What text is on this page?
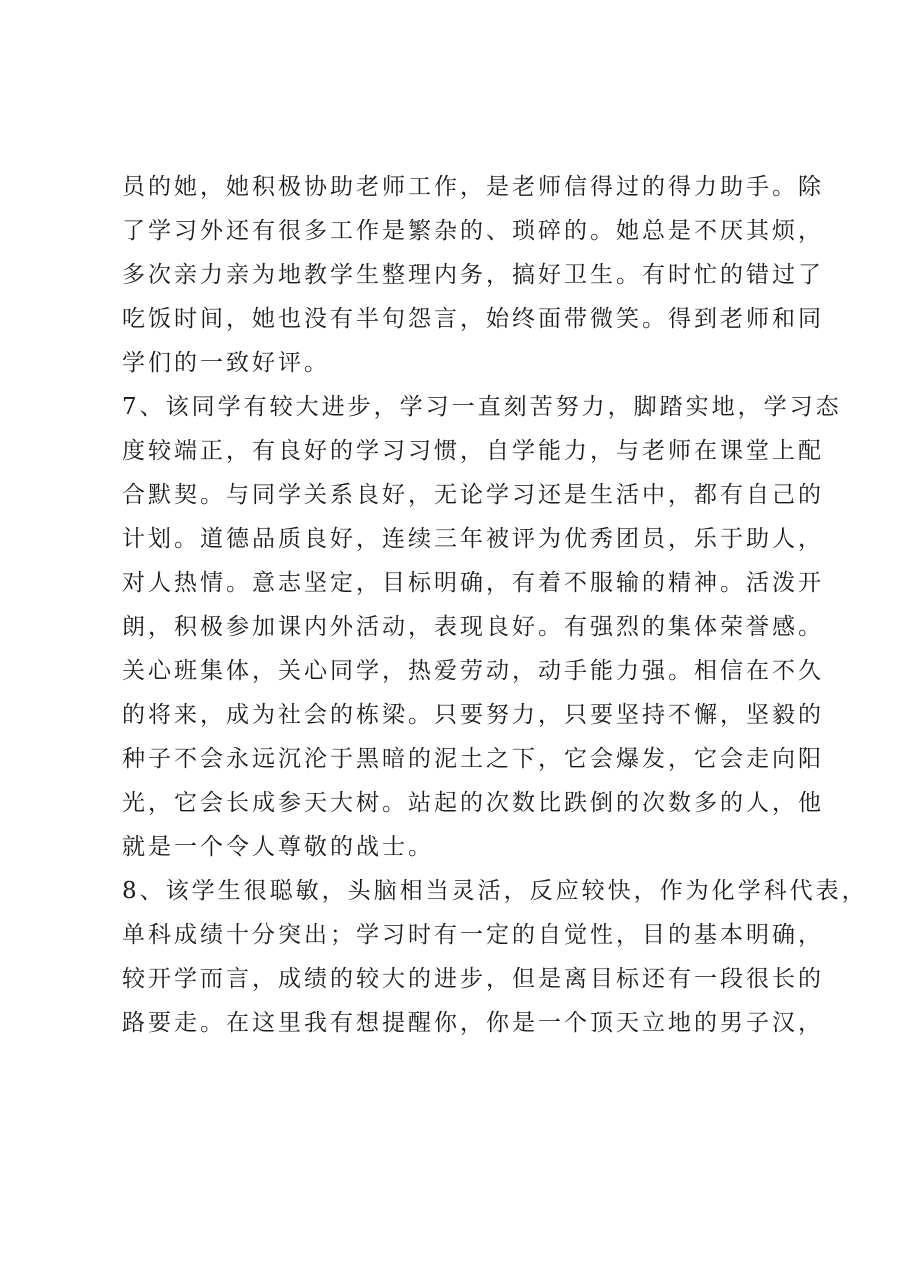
员的她，她积极协助老师工作，是老师信得过的得力助手。除
了学习外还有很多工作是繁杂的、琐碎的。她总是不厌其烦，
多次亲力亲为地教学生整理内务，搞好卫生。有时忙的错过了
吃饭时间，她也没有半句怨言，始终面带微笑。得到老师和同
学们的一致好评。
7、该同学有较大进步，学习一直刻苦努力，脚踏实地，学习态
度较端正，有良好的学习习惯，自学能力，与老师在课堂上配
合默契。与同学关系良好，无论学习还是生活中，都有自己的
计划。道德品质良好，连续三年被评为优秀团员，乐于助人，
对人热情。意志坚定，目标明确，有着不服输的精神。活泼开
朗，积极参加课内外活动，表现良好。有强烈的集体荣誉感。
关心班集体，关心同学，热爱劳动，动手能力强。相信在不久
的将来，成为社会的栋梁。只要努力，只要坚持不懈，坚毅的
种子不会永远沉沦于黑暗的泥土之下，它会爆发，它会走向阳
光，它会长成参天大树。站起的次数比跌倒的次数多的人，他
就是一个令人尊敬的战士。
8、该学生很聪敏，头脑相当灵活，反应较快，作为化学科代表，
单科成绩十分突出；学习时有一定的自觉性，目的基本明确，
较开学而言，成绩的较大的进步，但是离目标还有一段很长的
路要走。在这里我有想提醒你，你是一个顶天立地的男子汉，
